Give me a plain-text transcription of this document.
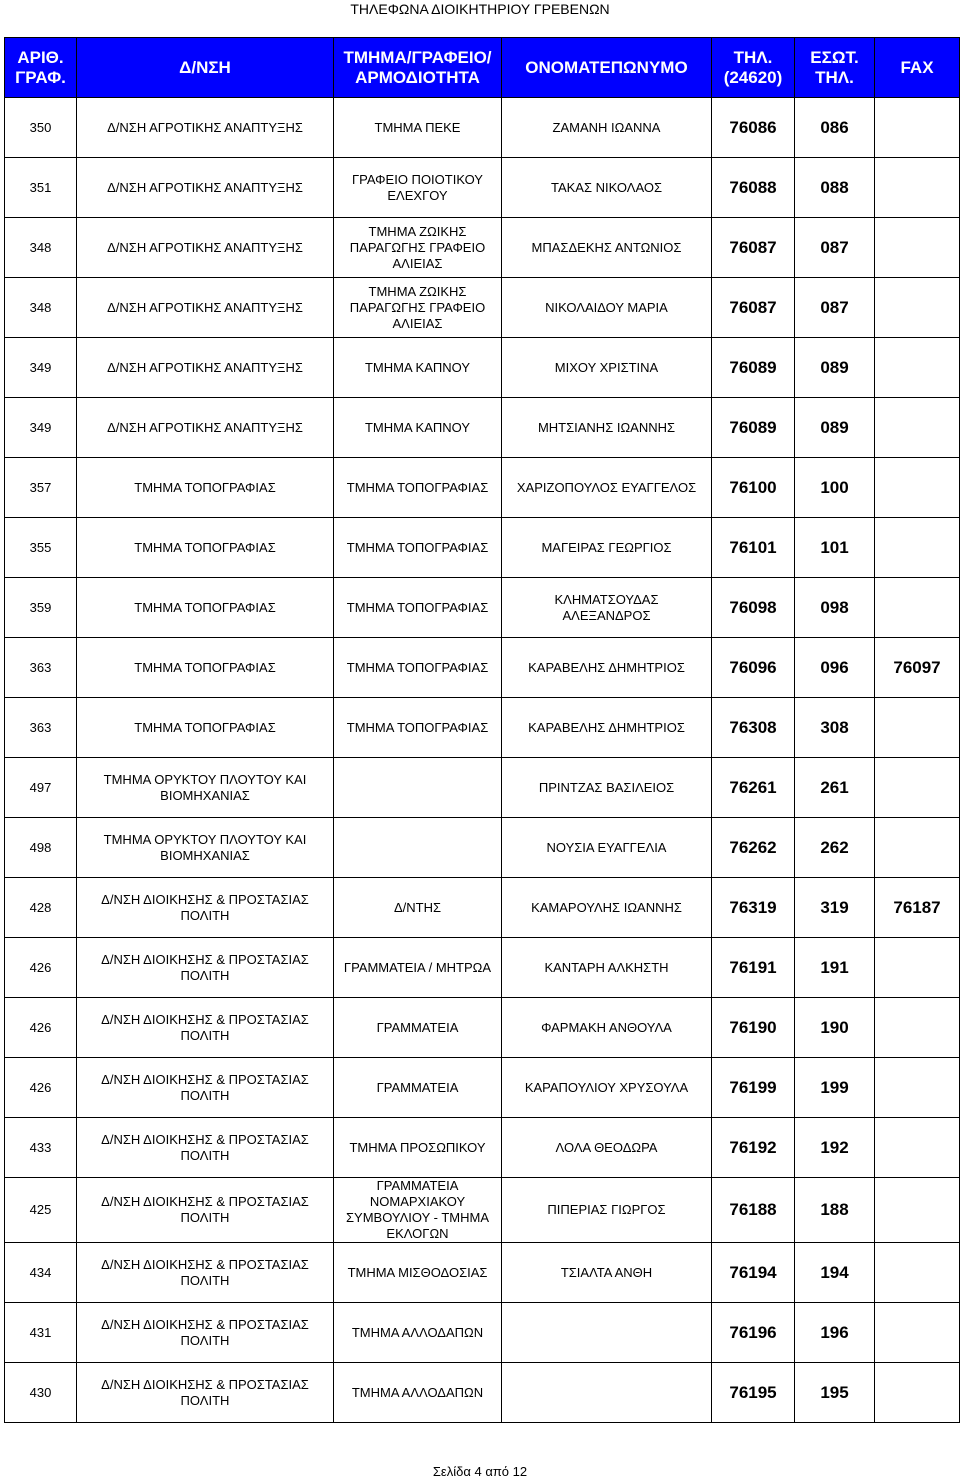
ΤΗΛΕΦΩΝΑ ΔΙΟΙΚΗΤΗΡΙΟΥ ΓΡΕΒΕΝΩΝ
ΑΡΙΘ.
ΓΡΑΦ.	Δ/ΝΣΗ	ΤΜΗΜΑ/ΓΡΑΦΕΙΟ/
ΑΡΜΟΔΙΟΤΗΤΑ	ΟΝΟΜΑΤΕΠΩΝΥΜΟ	ΤΗΛ.
(24620)	ΕΣΩΤ.
ΤΗΛ.	FAX
350	Δ/ΝΣΗ ΑΓΡΟΤΙΚΗΣ ΑΝΑΠΤΥΞΗΣ	ΤΜΗΜΑ ΠΕΚΕ	ΖΑΜΑΝΗ ΙΩΑΝΝΑ	76086	086	
351	Δ/ΝΣΗ ΑΓΡΟΤΙΚΗΣ ΑΝΑΠΤΥΞΗΣ	ΓΡΑΦΕΙΟ ΠΟΙΟΤΙΚΟΥ
ΕΛΕΧΓΟΥ	ΤΑΚΑΣ ΝΙΚΟΛΑΟΣ	76088	088	
348	Δ/ΝΣΗ ΑΓΡΟΤΙΚΗΣ ΑΝΑΠΤΥΞΗΣ	ΤΜΗΜΑ ΖΩΙΚΗΣ
ΠΑΡΑΓΩΓΗΣ ΓΡΑΦΕΙΟ
ΑΛΙΕΙΑΣ	ΜΠΑΣΔΕΚΗΣ ΑΝΤΩΝΙΟΣ	76087	087	
348	Δ/ΝΣΗ ΑΓΡΟΤΙΚΗΣ ΑΝΑΠΤΥΞΗΣ	ΤΜΗΜΑ ΖΩΙΚΗΣ
ΠΑΡΑΓΩΓΗΣ ΓΡΑΦΕΙΟ
ΑΛΙΕΙΑΣ	ΝΙΚΟΛΑΙΔΟΥ ΜΑΡΙΑ	76087	087	
349	Δ/ΝΣΗ ΑΓΡΟΤΙΚΗΣ ΑΝΑΠΤΥΞΗΣ	ΤΜΗΜΑ ΚΑΠΝΟΥ	ΜΙΧΟΥ ΧΡΙΣΤΙΝΑ	76089	089	
349	Δ/ΝΣΗ ΑΓΡΟΤΙΚΗΣ ΑΝΑΠΤΥΞΗΣ	ΤΜΗΜΑ ΚΑΠΝΟΥ	ΜΗΤΣΙΑΝΗΣ ΙΩΑΝΝΗΣ	76089	089	
357	ΤΜΗΜΑ ΤΟΠΟΓΡΑΦΙΑΣ	ΤΜΗΜΑ ΤΟΠΟΓΡΑΦΙΑΣ	ΧΑΡΙΖΟΠΟΥΛΟΣ ΕΥΑΓΓΕΛΟΣ	76100	100	
355	ΤΜΗΜΑ ΤΟΠΟΓΡΑΦΙΑΣ	ΤΜΗΜΑ ΤΟΠΟΓΡΑΦΙΑΣ	ΜΑΓΕΙΡΑΣ ΓΕΩΡΓΙΟΣ	76101	101	
359	ΤΜΗΜΑ ΤΟΠΟΓΡΑΦΙΑΣ	ΤΜΗΜΑ ΤΟΠΟΓΡΑΦΙΑΣ	ΚΛΗΜΑΤΣΟΥΔΑΣ
ΑΛΕΞΑΝΔΡΟΣ	76098	098	
363	ΤΜΗΜΑ ΤΟΠΟΓΡΑΦΙΑΣ	ΤΜΗΜΑ ΤΟΠΟΓΡΑΦΙΑΣ	ΚΑΡΑΒΕΛΗΣ ΔΗΜΗΤΡΙΟΣ	76096	096	76097
363	ΤΜΗΜΑ ΤΟΠΟΓΡΑΦΙΑΣ	ΤΜΗΜΑ ΤΟΠΟΓΡΑΦΙΑΣ	ΚΑΡΑΒΕΛΗΣ ΔΗΜΗΤΡΙΟΣ	76308	308	
497	ΤΜΗΜΑ ΟΡΥΚΤΟΥ ΠΛΟΥΤΟΥ ΚΑΙ
ΒΙΟΜΗΧΑΝΙΑΣ		ΠΡΙΝΤΖΑΣ ΒΑΣΙΛΕΙΟΣ	76261	261	
498	ΤΜΗΜΑ ΟΡΥΚΤΟΥ ΠΛΟΥΤΟΥ ΚΑΙ
ΒΙΟΜΗΧΑΝΙΑΣ		ΝΟΥΣΙΑ ΕΥΑΓΓΕΛΙΑ	76262	262	
428	Δ/ΝΣΗ ΔΙΟΙΚΗΣΗΣ & ΠΡΟΣΤΑΣΙΑΣ
ΠΟΛΙΤΗ	Δ/ΝΤΗΣ	ΚΑΜΑΡΟΥΛΗΣ ΙΩΑΝΝΗΣ	76319	319	76187
426	Δ/ΝΣΗ ΔΙΟΙΚΗΣΗΣ & ΠΡΟΣΤΑΣΙΑΣ
ΠΟΛΙΤΗ	ΓΡΑΜΜΑΤΕΙΑ / ΜΗΤΡΩΑ	ΚΑΝΤΑΡΗ ΑΛΚΗΣΤΗ	76191	191	
426	Δ/ΝΣΗ ΔΙΟΙΚΗΣΗΣ & ΠΡΟΣΤΑΣΙΑΣ
ΠΟΛΙΤΗ	ΓΡΑΜΜΑΤΕΙΑ	ΦΑΡΜΑΚΗ ΑΝΘΟΥΛΑ	76190	190	
426	Δ/ΝΣΗ ΔΙΟΙΚΗΣΗΣ & ΠΡΟΣΤΑΣΙΑΣ
ΠΟΛΙΤΗ	ΓΡΑΜΜΑΤΕΙΑ	ΚΑΡΑΠΟΥΛΙΟΥ ΧΡΥΣΟΥΛΑ	76199	199	
433	Δ/ΝΣΗ ΔΙΟΙΚΗΣΗΣ & ΠΡΟΣΤΑΣΙΑΣ
ΠΟΛΙΤΗ	ΤΜΗΜΑ ΠΡΟΣΩΠΙΚΟΥ	ΛΟΛΑ ΘΕΟΔΩΡΑ	76192	192	
425	Δ/ΝΣΗ ΔΙΟΙΚΗΣΗΣ & ΠΡΟΣΤΑΣΙΑΣ
ΠΟΛΙΤΗ	ΓΡΑΜΜΑΤΕΙΑ
ΝΟΜΑΡΧΙΑΚΟΥ
ΣΥΜΒΟΥΛΙΟΥ - ΤΜΗΜΑ
ΕΚΛΟΓΩΝ	ΠΙΠΕΡΙΑΣ ΓΙΩΡΓΟΣ	76188	188	
434	Δ/ΝΣΗ ΔΙΟΙΚΗΣΗΣ & ΠΡΟΣΤΑΣΙΑΣ
ΠΟΛΙΤΗ	ΤΜΗΜΑ ΜΙΣΘΟΔΟΣΙΑΣ	ΤΣΙΑΛΤΑ ΑΝΘΗ	76194	194	
431	Δ/ΝΣΗ ΔΙΟΙΚΗΣΗΣ & ΠΡΟΣΤΑΣΙΑΣ
ΠΟΛΙΤΗ	ΤΜΗΜΑ ΑΛΛΟΔΑΠΩΝ		76196	196	
430	Δ/ΝΣΗ ΔΙΟΙΚΗΣΗΣ & ΠΡΟΣΤΑΣΙΑΣ
ΠΟΛΙΤΗ	ΤΜΗΜΑ ΑΛΛΟΔΑΠΩΝ		76195	195	
Σελίδα 4 από 12
